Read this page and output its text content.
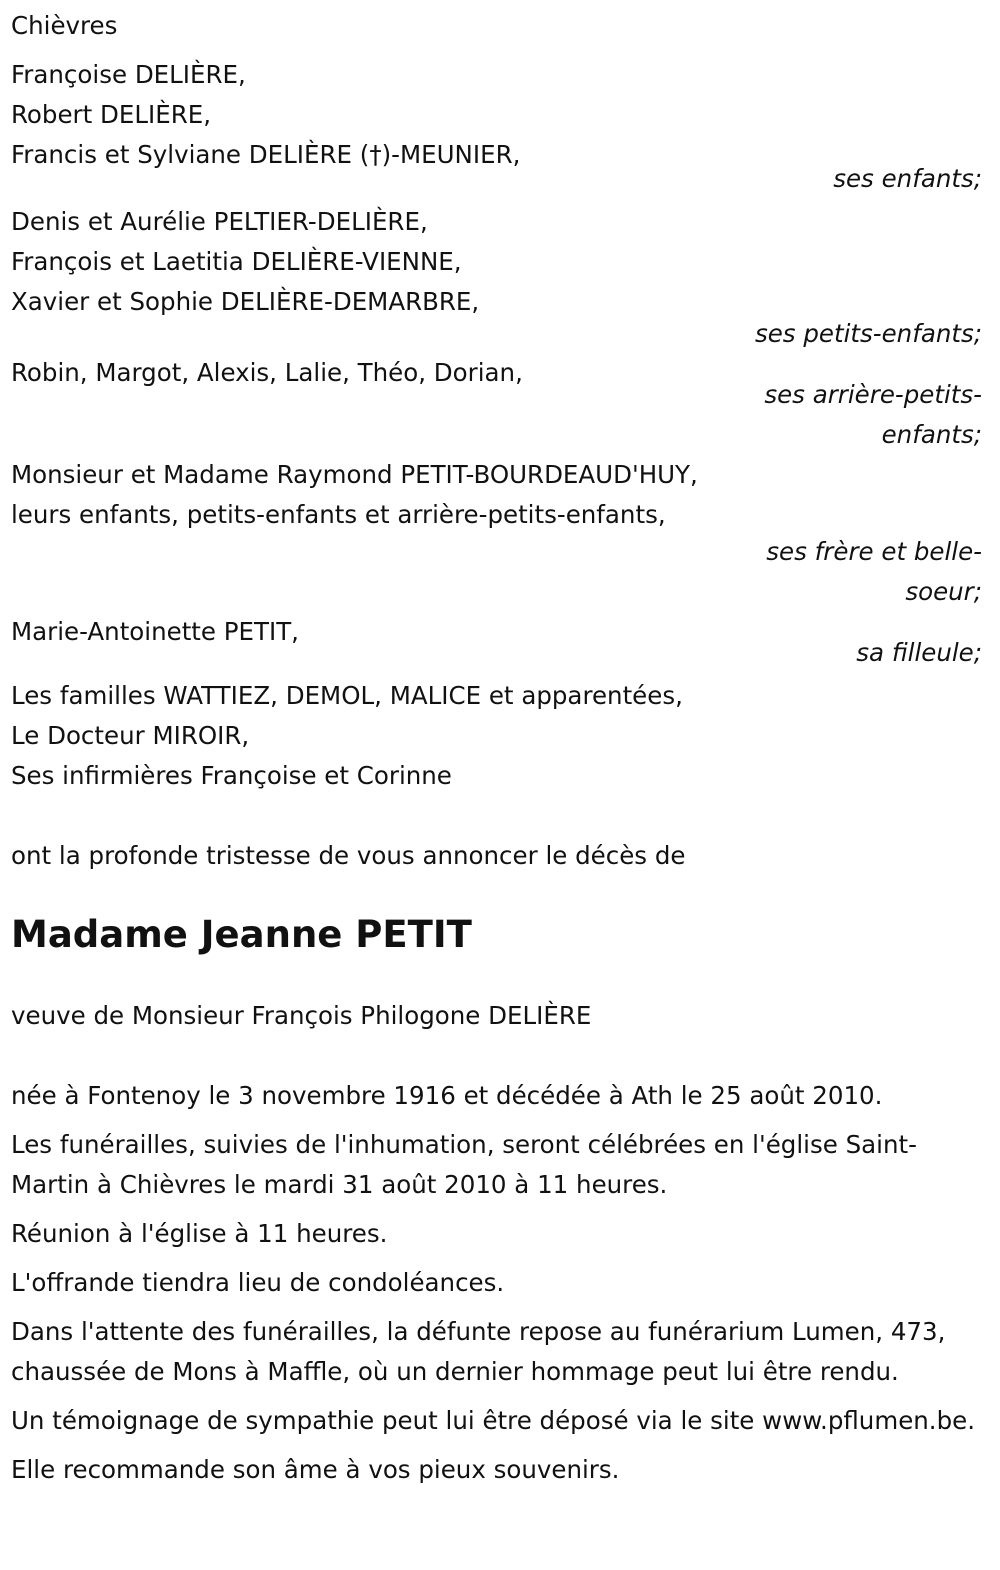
Chièvres
Françoise DELIÈRE,
Robert DELIÈRE,
Francis et Sylviane DELIÈRE (†)-MEUNIER,
ses enfants;
Denis et Aurélie PELTIER-DELIÈRE,
François et Laetitia DELIÈRE-VIENNE,
Xavier et Sophie DELIÈRE-DEMARBRE,
ses petits-enfants;
Robin, Margot, Alexis, Lalie, Théo, Dorian,
ses arrière-petits-enfants;
Monsieur et Madame Raymond PETIT-BOURDEAUD'HUY,
leurs enfants, petits-enfants et arrière-petits-enfants,
ses frère et belle-soeur;
Marie-Antoinette PETIT,
sa filleule;
Les familles WATTIEZ, DEMOL, MALICE et apparentées,
Le Docteur MIROIR,
Ses infirmières Françoise et Corinne
ont la profonde tristesse de vous annoncer le décès de
Madame Jeanne PETIT
veuve de Monsieur François Philogone DELIÈRE
née à Fontenoy le 3 novembre 1916 et décédée à Ath le 25 août 2010.
Les funérailles, suivies de l'inhumation, seront célébrées en l'église Saint-Martin à Chièvres le mardi 31 août 2010 à 11 heures.
Réunion à l'église à 11 heures.
L'offrande tiendra lieu de condoléances.
Dans l'attente des funérailles, la défunte repose au funérarium Lumen, 473, chaussée de Mons à Maffle, où un dernier hommage peut lui être rendu.
Un témoignage de sympathie peut lui être déposé via le site www.pflumen.be.
Elle recommande son âme à vos pieux souvenirs.
